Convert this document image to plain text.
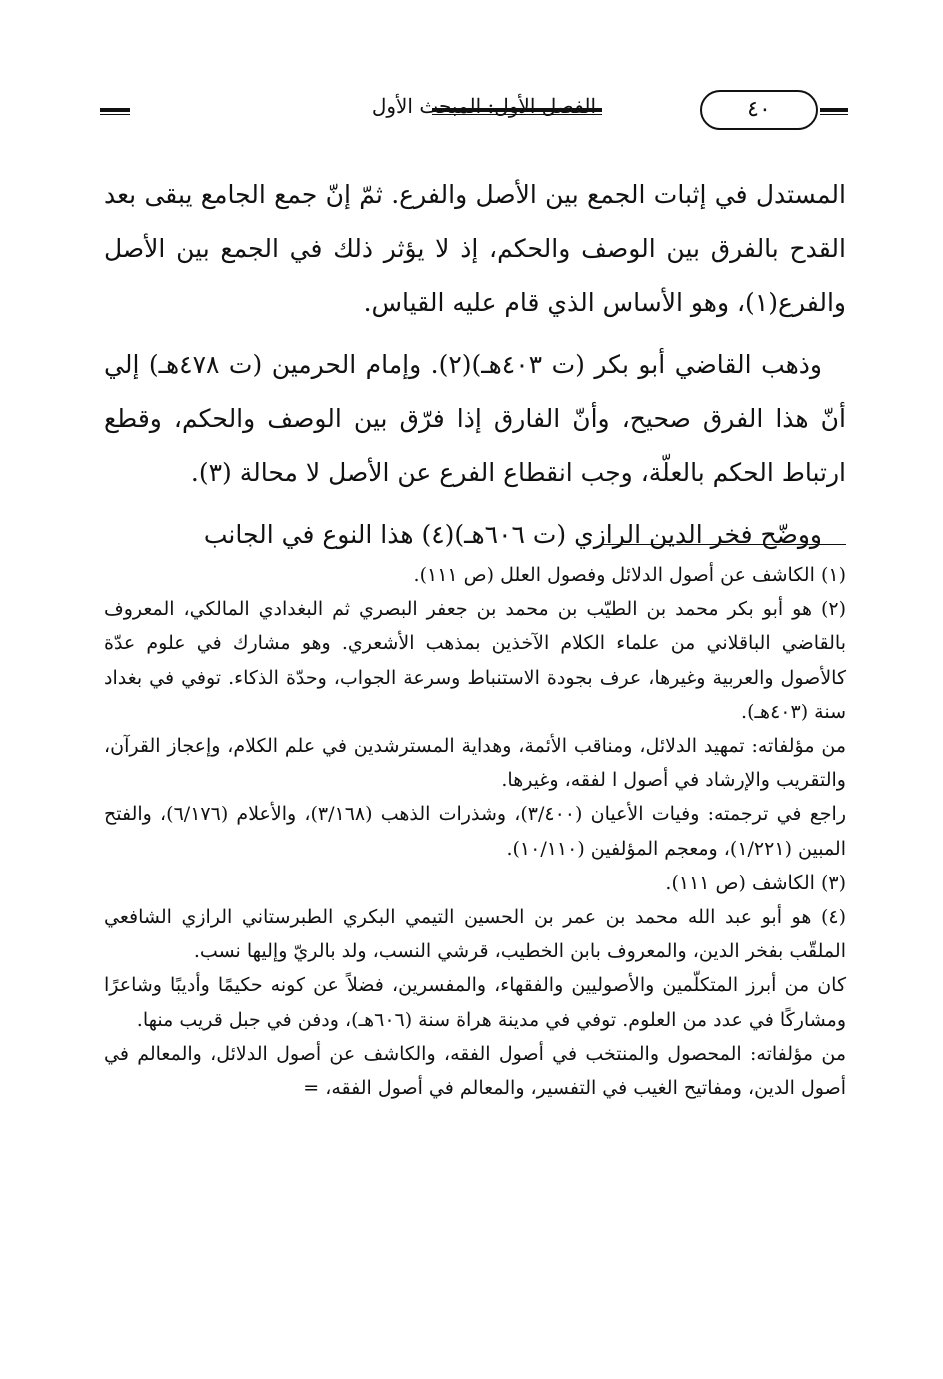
الفصل الأول: المبحث الأول	٤٠

المستدل في إثبات الجمع بين الأصل والفرع. ثمّ إنّ جمع الجامع يبقى بعد القدح بالفرق بين الوصف والحكم، إذ لا يؤثر ذلك في الجمع بين الأصل والفرع(١)، وهو الأساس الذي قام عليه القياس.

وذهب القاضي أبو بكر (ت ٤٠٣هـ)(٢). وإمام الحرمين (ت ٤٧٨هـ) إلي أنّ هذا الفرق صحيح، وأنّ الفارق إذا فرّق بين الوصف والحكم، وقطع ارتباط الحكم بالعلّة، وجب انقطاع الفرع عن الأصل لا محالة (٣).

ووضّح فخر الدين الرازي (ت ٦٠٦هـ)(٤) هذا النوع في الجانب

(١) الكاشف عن أصول الدلائل وفصول العلل (ص ١١١).
(٢) هو أبو بكر محمد بن الطيّب بن محمد بن جعفر البصري ثم البغدادي المالكي، المعروف بالقاضي الباقلاني من علماء الكلام الآخذين بمذهب الأشعري. وهو مشارك في علوم عدّة كالأصول والعربية وغيرها، عرف بجودة الاستنباط وسرعة الجواب، وحدّة الذكاء. توفي في بغداد سنة (٤٠٣هـ).
من مؤلفاته: تمهيد الدلائل، ومناقب الأئمة، وهداية المسترشدين في علم الكلام، وإعجاز القرآن، والتقريب والإرشاد في أصول ا لفقه، وغيرها.
راجع في ترجمته: وفيات الأعيان (٣/٤٠٠)، وشذرات الذهب (٣/١٦٨)، والأعلام (٦/١٧٦)، والفتح المبين (١/٢٢١)، ومعجم المؤلفين (١٠/١١٠).
(٣) الكاشف (ص ١١١).
(٤) هو أبو عبد الله محمد بن عمر بن الحسين التيمي البكري الطبرستاني الرازي الشافعي الملقّب بفخر الدين، والمعروف بابن الخطيب، قرشي النسب، ولد بالريّ وإليها نسب.
كان من أبرز المتكلّمين والأصوليين والفقهاء، والمفسرين، فضلاً عن كونه حكيمًا وأديبًا وشاعرًا ومشاركًا في عدد من العلوم. توفي في مدينة هراة سنة (٦٠٦هـ)، ودفن في جبل قريب منها.
من مؤلفاته: المحصول والمنتخب في أصول الفقه، والكاشف عن أصول الدلائل، والمعالم في أصول الدين، ومفاتيح الغيب في التفسير، والمعالم في أصول الفقه، =
